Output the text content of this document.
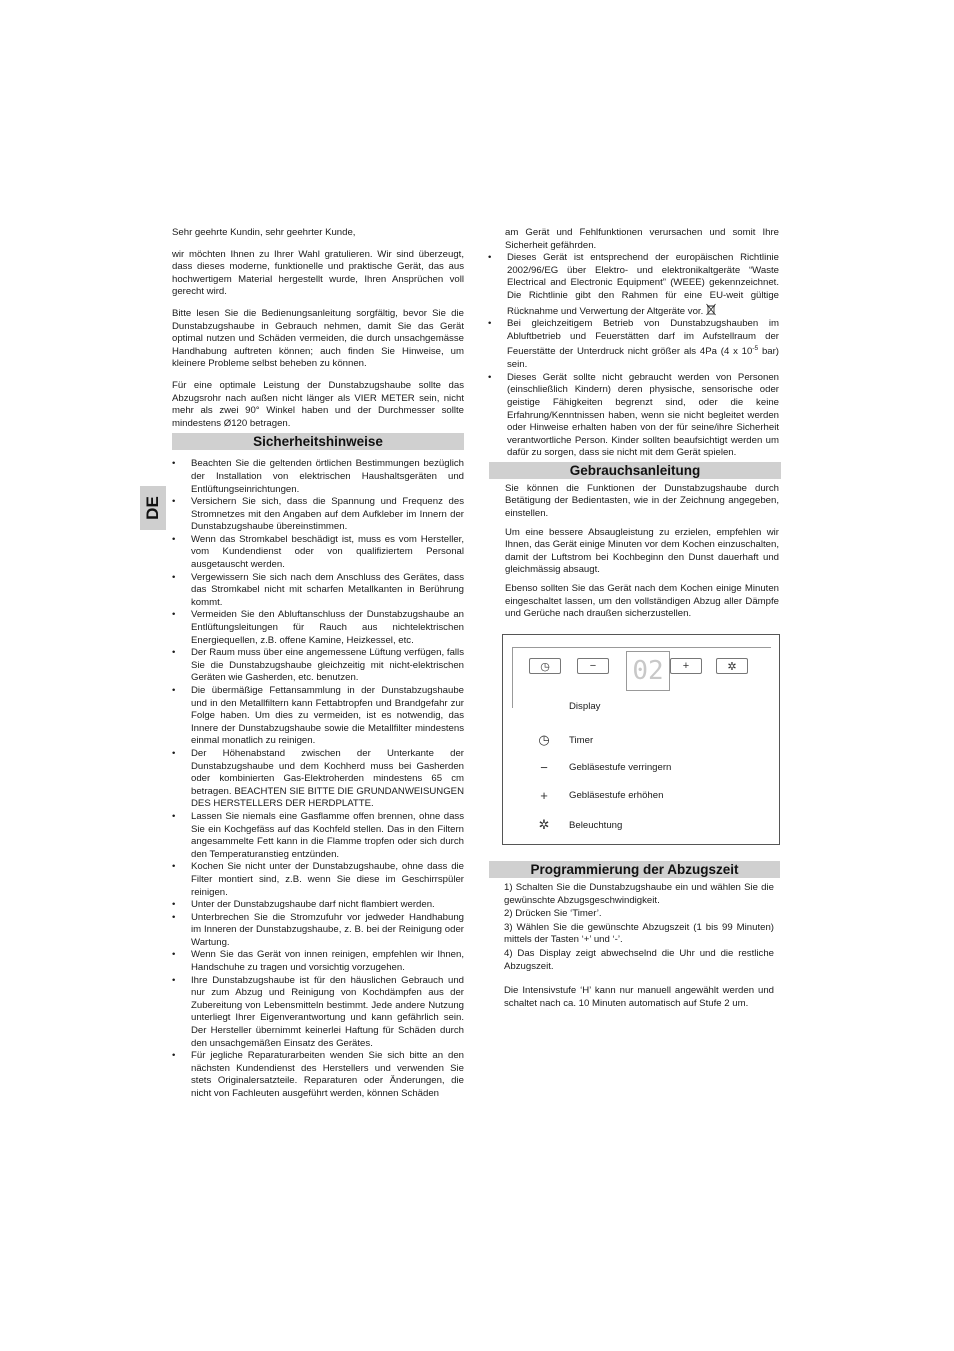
DE

Sehr geehrte Kundin, sehr geehrter Kunde,

wir möchten Ihnen zu Ihrer Wahl gratulieren. Wir sind überzeugt, dass dieses moderne, funktionelle und praktische Gerät, das aus hochwertigem Material hergestellt wurde, Ihren Ansprüchen voll gerecht wird.

Bitte lesen Sie die Bedienungsanleitung sorgfältig, bevor Sie die Dunstabzugshaube in Gebrauch nehmen, damit Sie das Gerät optimal nutzen und Schäden vermeiden, die durch unsachgemässe Handhabung auftreten können; auch finden Sie Hinweise, um kleinere Probleme selbst beheben zu können.

Für eine optimale Leistung der Dunstabzugshaube sollte das Abzugsrohr nach außen nicht länger als VIER METER sein, nicht mehr als zwei 90° Winkel haben und der Durchmesser sollte mindestens Ø120 betragen.

Sicherheitshinweise
• Beachten Sie die geltenden örtlichen Bestimmungen bezüglich der Installation von elektrischen Haushaltsgeräten und Entlüftungseinrichtungen.
• Versichern Sie sich, dass die Spannung und Frequenz des Stromnetzes mit den Angaben auf dem Aufkleber im Innern der Dunstabzugshaube übereinstimmen.
• Wenn das Stromkabel beschädigt ist, muss es vom Hersteller, vom Kundendienst oder von qualifiziertem Personal ausgetauscht werden.
• Vergewissern Sie sich nach dem Anschluss des Gerätes, dass das Stromkabel nicht mit scharfen Metallkanten in Berührung kommt.
• Vermeiden Sie den Abluftanschluss der Dunstabzugshaube an Entlüftungsleitungen für Rauch aus nichtelektrischen Energiequellen, z.B. offene Kamine, Heizkessel, etc.
• Der Raum muss über eine angemessene Lüftung verfügen, falls Sie die Dunstabzugshaube gleichzeitig mit nicht-elektrischen Geräten wie Gasherden, etc. benutzen.
• Die übermäßige Fettansammlung in der Dunstabzugshaube und in den Metallfiltern kann Fettabtropfen und Brandgefahr zur Folge haben. Um dies zu vermeiden, ist es notwendig, das Innere der Dunstabzugshaube sowie die Metallfilter mindestens einmal monatlich zu reinigen.
• Der Höhenabstand zwischen der Unterkante der Dunstabzugshaube und dem Kochherd muss bei Gasherden oder kombinierten Gas-Elektroherden mindestens 65 cm betragen. BEACHTEN SIE BITTE DIE GRUNDANWEISUNGEN DES HERSTELLERS DER HERDPLATTE.
• Lassen Sie niemals eine Gasflamme offen brennen, ohne dass Sie ein Kochgefäss auf das Kochfeld stellen. Das in den Filtern angesammelte Fett kann in die Flamme tropfen oder sich durch den Temperaturanstieg entzünden.
• Kochen Sie nicht unter der Dunstabzugshaube, ohne dass die Filter montiert sind, z.B. wenn Sie diese im Geschirrspüler reinigen.
• Unter der Dunstabzugshaube darf nicht flambiert werden.
• Unterbrechen Sie die Stromzufuhr vor jedweder Handhabung im Inneren der Dunstabzugshaube, z. B. bei der Reinigung oder Wartung.
• Wenn Sie das Gerät von innen reinigen, empfehlen wir Ihnen, Handschuhe zu tragen und vorsichtig vorzugehen.
• Ihre Dunstabzugshaube ist für den häuslichen Gebrauch und nur zum Abzug und Reinigung von Kochdämpfen aus der Zubereitung von Lebensmitteln bestimmt. Jede andere Nutzung unterliegt Ihrer Eigenverantwortung und kann gefährlich sein. Der Hersteller übernimmt keinerlei Haftung für Schäden durch den unsachgemäßen Einsatz des Gerätes.
• Für jegliche Reparaturarbeiten wenden Sie sich bitte an den nächsten Kundendienst des Herstellers und verwenden Sie stets Originalersatzteile. Reparaturen oder Änderungen, die nicht von Fachleuten ausgeführt werden, können Schäden

am Gerät und Fehlfunktionen verursachen und somit Ihre Sicherheit gefährden.

• Dieses Gerät ist entsprechend der europäischen Richtlinie 2002/96/EG über Elektro- und elektronikaltgeräte “Waste Electrical and Electronic Equipment” (WEEE) gekennzeichnet. Die Richtlinie gibt den Rahmen für eine EU-weit gültige Rücknahme und Verwertung der Altgeräte vor.
• Bei gleichzeitigem Betrieb von Dunstabzugshauben im Abluftbetrieb und Feuerstätten darf im Aufstellraum der Feuerstätte der Unterdruck nicht größer als 4Pa (4 x $10^{-5}$ bar) sein.
• Dieses Gerät sollte nicht gebraucht werden von Personen (einschließlich Kindern) deren physische, sensorische oder geistige Fähigkeiten begrenzt sind, oder die keine Erfahrung/Kenntnissen haben, wenn sie nicht begleitet werden oder Hinweise erhalten haben von der für seine/ihre Sicherheit verantwortliche Person. Kinder sollten beaufsichtigt werden um dafür zu sorgen, dass sie nicht mit dem Gerät spielen.
Gebrauchsanleitung

Sie können die Funktionen der Dunstabzugshaube durch Betätigung der Bedientasten, wie in der Zeichnung angegeben, einstellen.

Um eine bessere Absaugleistung zu erzielen, empfehlen wir Ihnen, das Gerät einige Minuten vor dem Kochen einzuschalten, damit der Luftstrom bei Kochbeginn den Dunst dauerhaft und gleichmässig absaugt.

Ebenso sollten Sie das Gerät nach dem Kochen einige Minuten eingeschaltet lassen, um den vollständigen Abzug aller Dämpfe und Gerüche nach draußen sicherzustellen.

◷	− 02 +	✲
Display
◷	Timer
−	Gebläsestufe verringern
+	Gebläsestufe erhöhen
✲	Beleuchtung
Programmierung der Abzugszeit

1) Schalten Sie die Dunstabzugshaube ein und wählen Sie die gewünschte Abzugsgeschwindigkeit.

2) Drücken Sie ‘Timer’.

3) Wählen Sie die gewünschte Abzugszeit (1 bis 99 Minuten) mittels der Tasten ‘+’ und ‘-’.

4) Das Display zeigt abwechselnd die Uhr und die restliche Abzugszeit.

Die Intensivstufe ‘H’ kann nur manuell angewählt werden und schaltet nach ca. 10 Minuten automatisch auf Stufe 2 um.
